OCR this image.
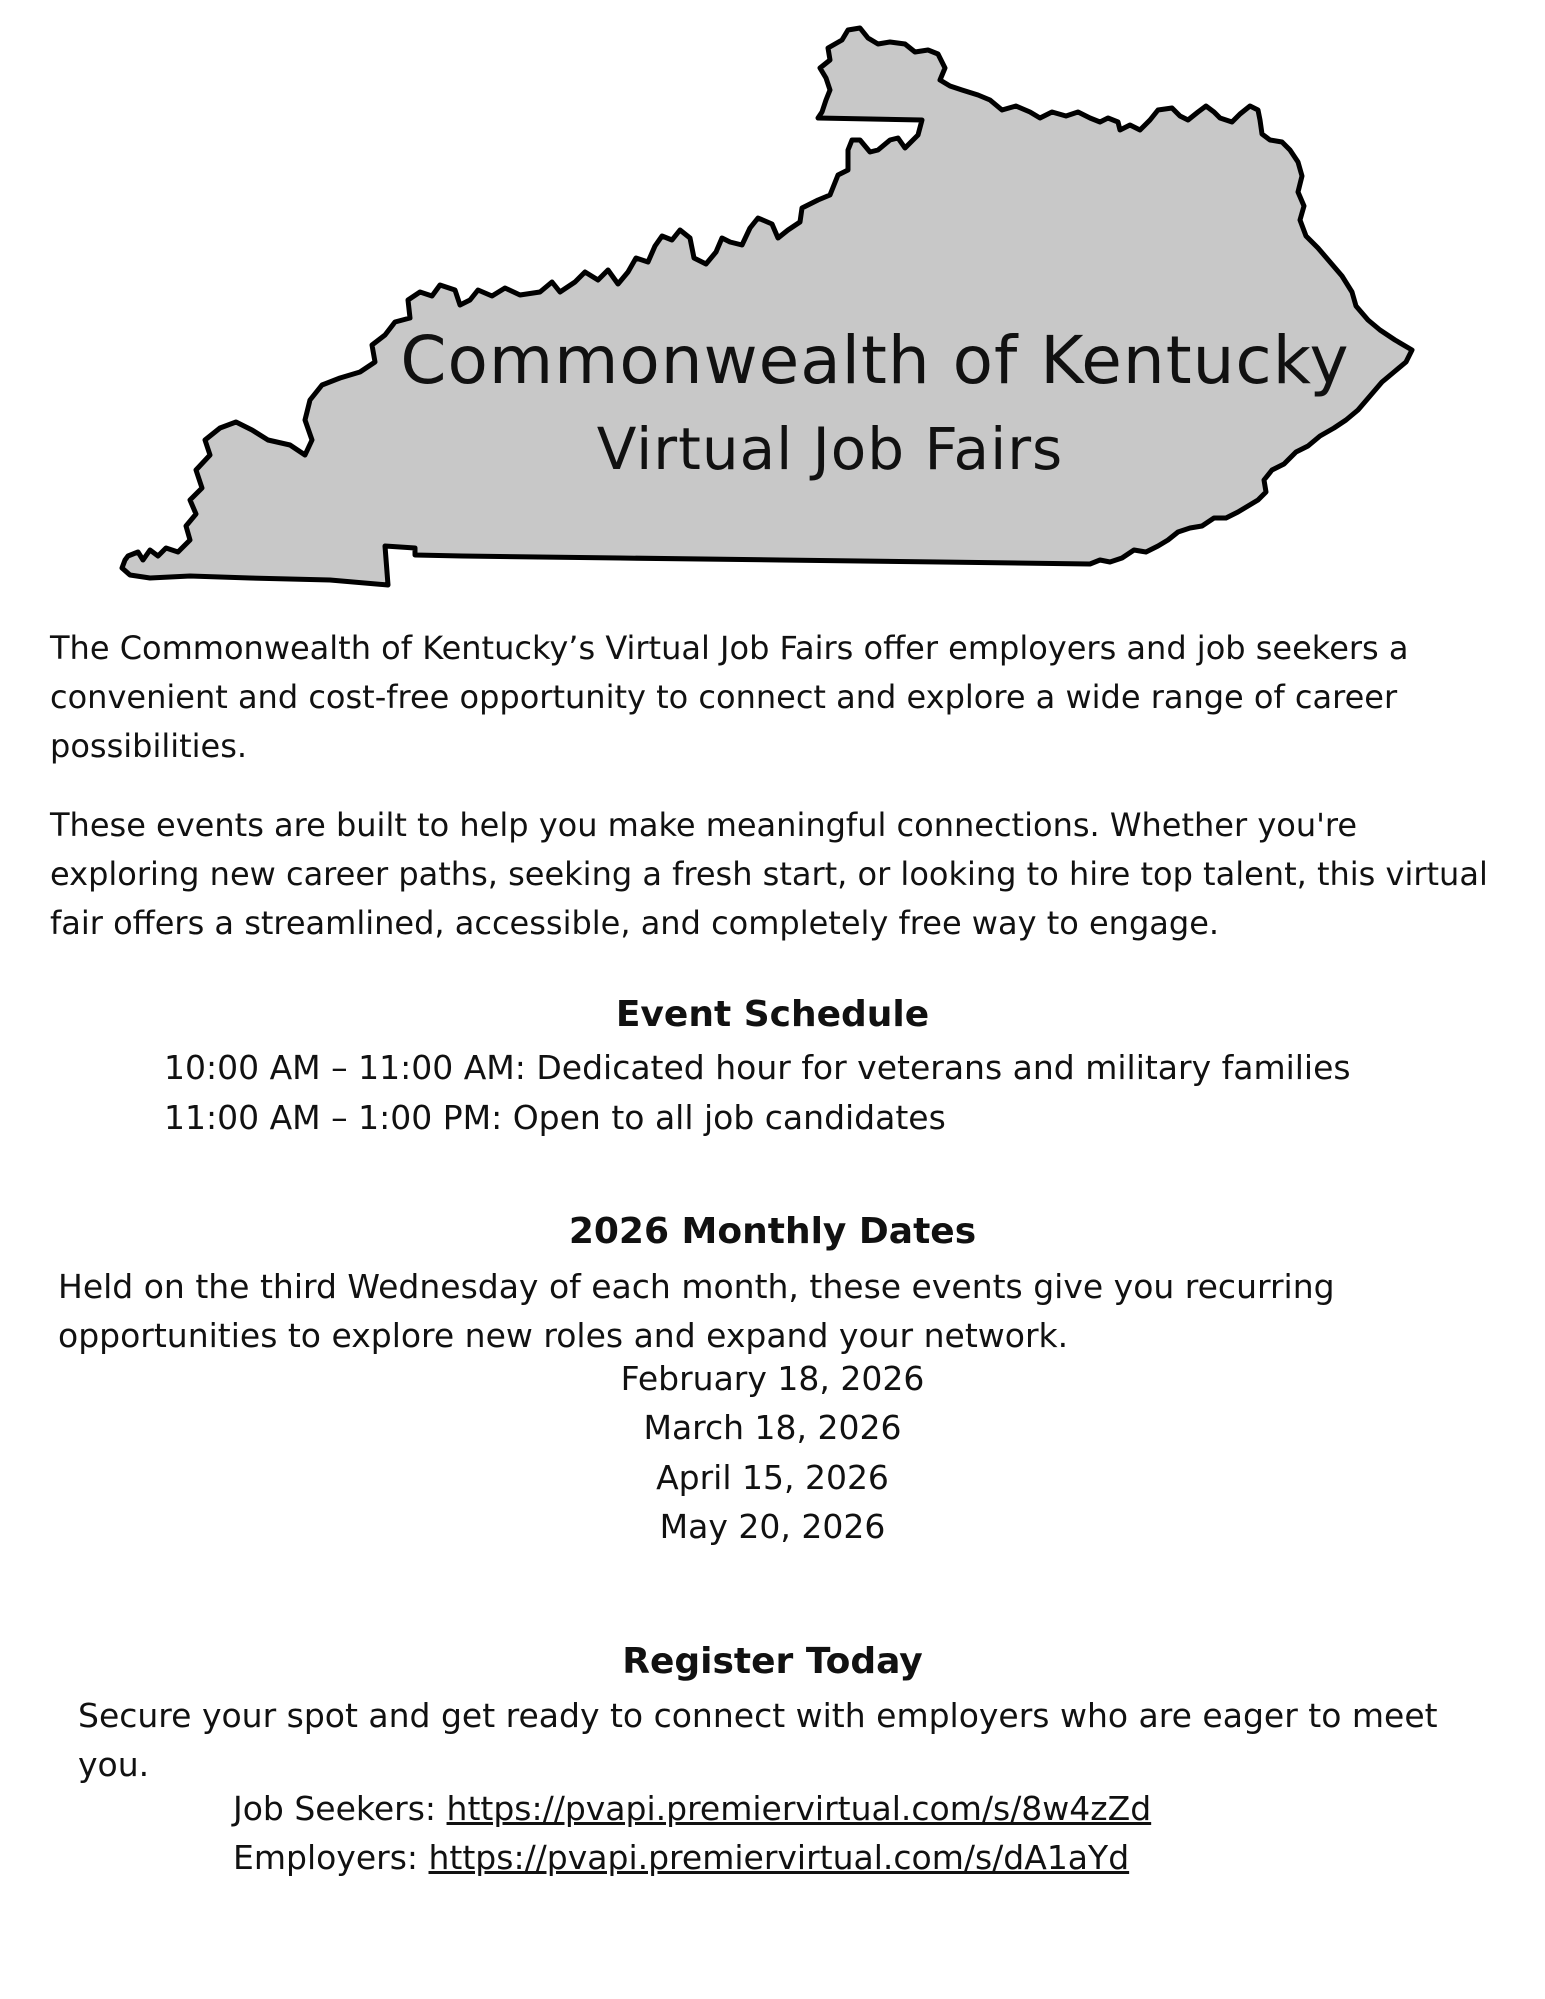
Commonwealth of Kentucky
Virtual Job Fairs

The Commonwealth of Kentucky’s Virtual Job Fairs offer employers and job seekers a convenient and cost-free opportunity to connect and explore a wide range of career possibilities.

These events are built to help you make meaningful connections. Whether you're exploring new career paths, seeking a fresh start, or looking to hire top talent, this virtual fair offers a streamlined, accessible, and completely free way to engage.

Event Schedule
10:00 AM – 11:00 AM: Dedicated hour for veterans and military families
11:00 AM – 1:00 PM: Open to all job candidates
2026 Monthly Dates

Held on the third Wednesday of each month, these events give you recurring opportunities to explore new roles and expand your network.

February 18, 2026
March 18, 2026
April 15, 2026
May 20, 2026
Register Today

Secure your spot and get ready to connect with employers who are eager to meet you.

Job Seekers: https://pvapi.premiervirtual.com/s/8w4zZd
Employers: https://pvapi.premiervirtual.com/s/dA1aYd
